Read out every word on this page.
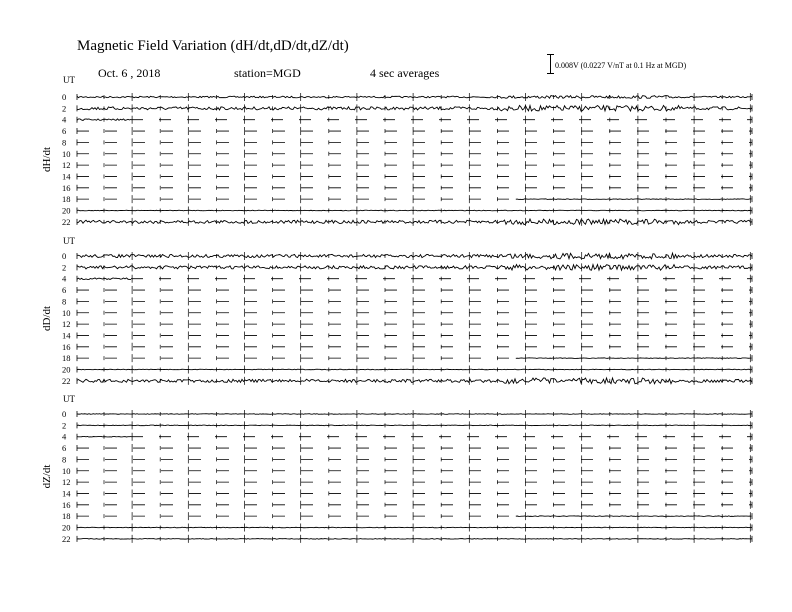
Magnetic Field Variation (dH/dt,dD/dt,dZ/dt)
Oct. 6 , 2018	station=MGD	4 sec averages
0.008V (0.0227 V/nT at 0.1 Hz at MGD)
UT
dH/dt
0
2
4
6
8
10
12
14
16
18
20
22
UT
dD/dt
0
2
4
6
8
10
12
14
16
18
20
22
UT
dZ/dt
0
2
4
6
8
10
12
14
16
18
20
22
